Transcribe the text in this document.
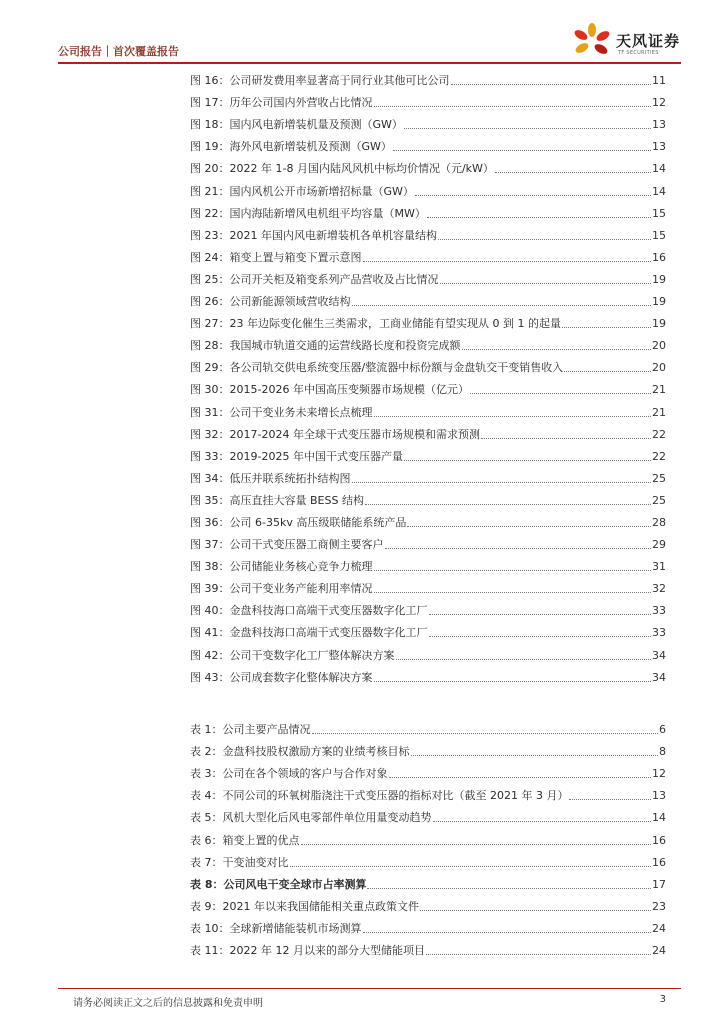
公司报告｜首次覆盖报告
天风证券
TF SECURITIES
图 16：公司研发费用率显著高于同行业其他可比公司	11
图 17：历年公司国内外营收占比情况	12
图 18：国内风电新增装机量及预测（GW）	13
图 19：海外风电新增装机及预测（GW）	13
图 20：2022 年 1-8 月国内陆风风机中标均价情况（元/kW）	14
图 21：国内风机公开市场新增招标量（GW）	14
图 22：国内海陆新增风电机组平均容量（MW）	15
图 23：2021 年国内风电新增装机各单机容量结构	15
图 24：箱变上置与箱变下置示意图	16
图 25：公司开关柜及箱变系列产品营收及占比情况	19
图 26：公司新能源领域营收结构	19
图 27：23 年边际变化催生三类需求，工商业储能有望实现从 0 到 1 的起量	19
图 28：我国城市轨道交通的运营线路长度和投资完成额	20
图 29：各公司轨交供电系统变压器/整流器中标份额与金盘轨交干变销售收入	20
图 30：2015-2026 年中国高压变频器市场规模（亿元）	21
图 31：公司干变业务未来增长点梳理	21
图 32：2017-2024 年全球干式变压器市场规模和需求预测	22
图 33：2019-2025 年中国干式变压器产量	22
图 34：低压并联系统拓扑结构图	25
图 35：高压直挂大容量 BESS 结构	25
图 36：公司 6-35kv 高压级联储能系统产品	28
图 37：公司干式变压器工商侧主要客户	29
图 38：公司储能业务核心竞争力梳理	31
图 39：公司干变业务产能利用率情况	32
图 40：金盘科技海口高端干式变压器数字化工厂	33
图 41：金盘科技海口高端干式变压器数字化工厂	33
图 42：公司干变数字化工厂整体解决方案	34
图 43：公司成套数字化整体解决方案	34
表 1：公司主要产品情况	6
表 2：金盘科技股权激励方案的业绩考核目标	8
表 3：公司在各个领域的客户与合作对象	12
表 4：不同公司的环氧树脂浇注干式变压器的指标对比（截至 2021 年 3 月）	13
表 5：风机大型化后风电零部件单位用量变动趋势	14
表 6：箱变上置的优点	16
表 7：干变油变对比	16
表 8：公司风电干变全球市占率测算	17
表 9：2021 年以来我国储能相关重点政策文件	23
表 10：全球新增储能装机市场测算	24
表 11：2022 年 12 月以来的部分大型储能项目	24
请务必阅读正文之后的信息披露和免责申明	3
